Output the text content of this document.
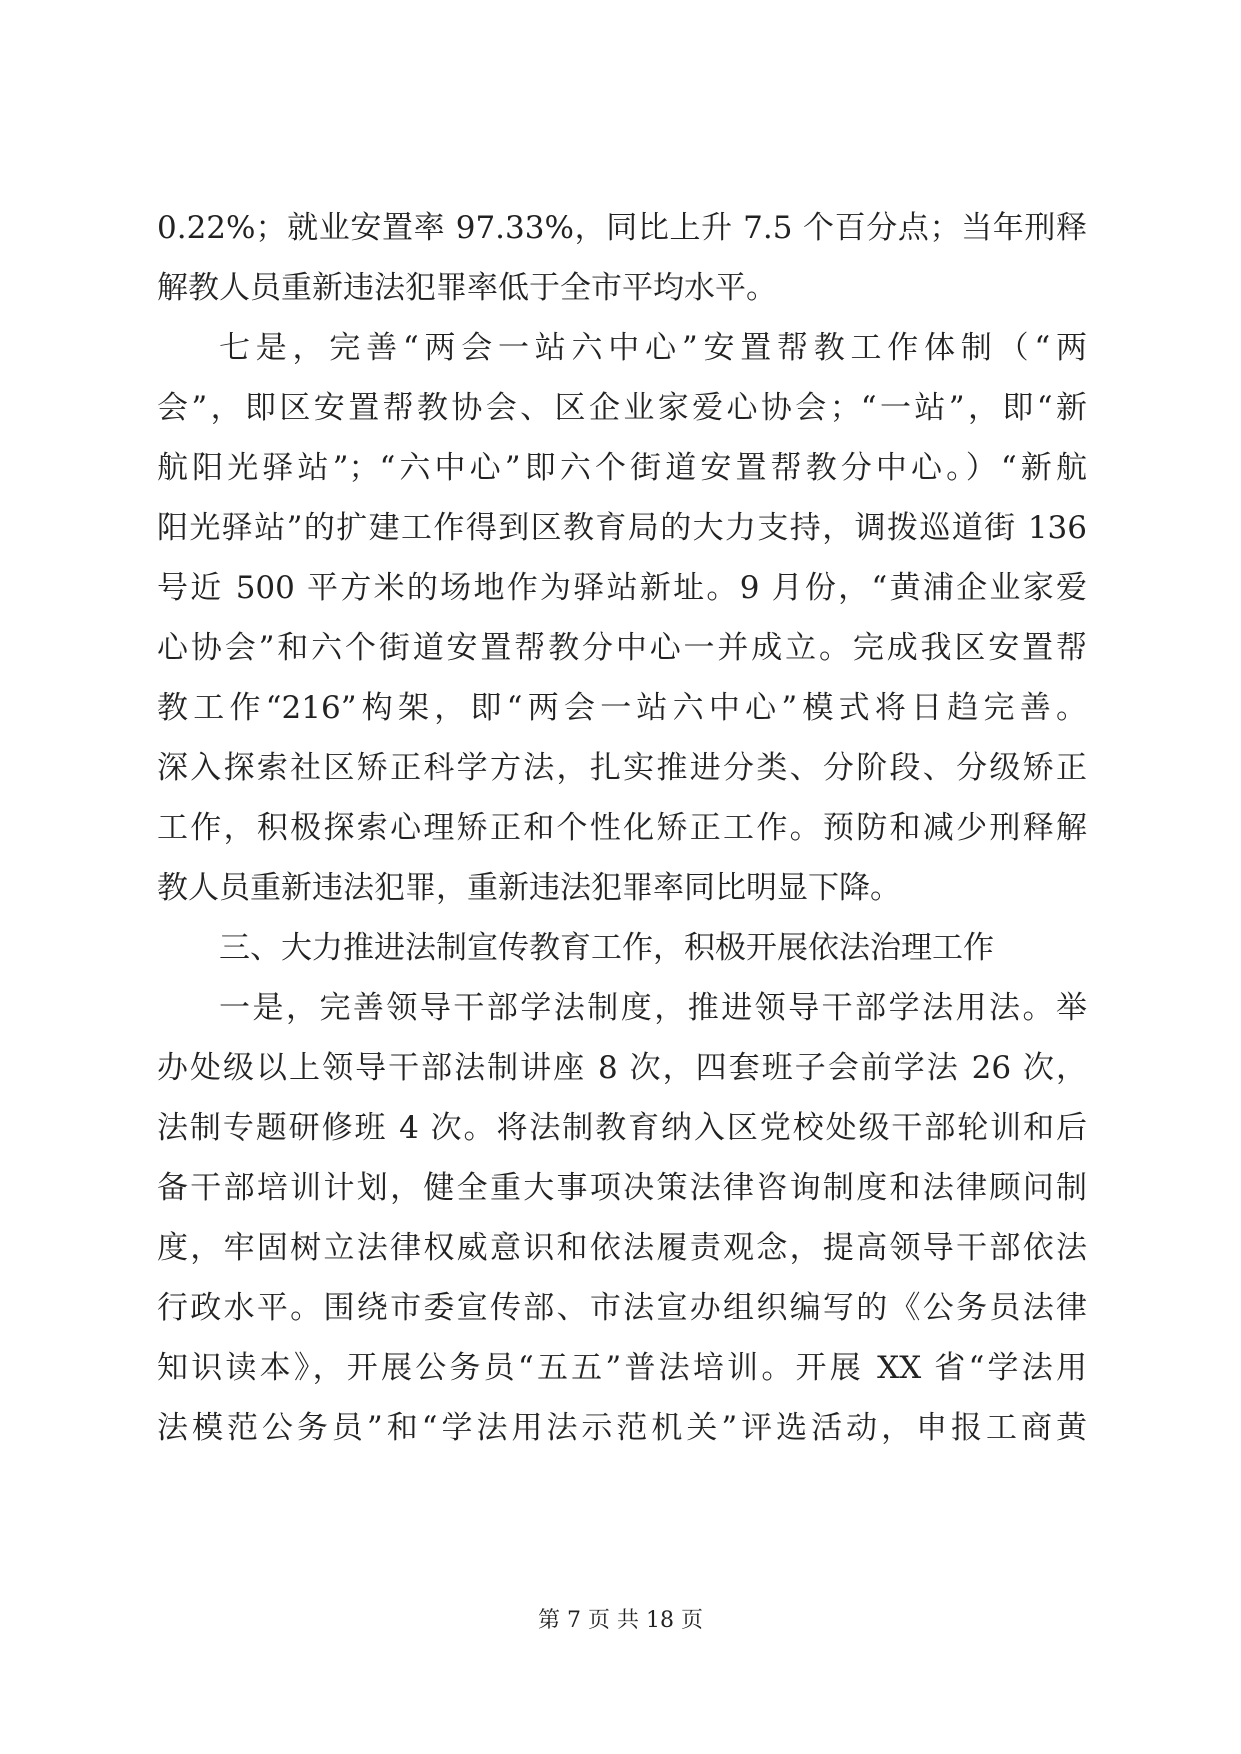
0.22%；就业安置率 97.33%，同比上升 7.5 个百分点；当年刑释
解教人员重新违法犯罪率低于全市平均水平。
七是，完善“两会一站六中心”安置帮教工作体制（“两
会”，即区安置帮教协会、区企业家爱心协会；“一站”，即“新
航阳光驿站”；“六中心”即六个街道安置帮教分中心。）“新航
阳光驿站”的扩建工作得到区教育局的大力支持，调拨巡道街 136
号近 500 平方米的场地作为驿站新址。9 月份，“黄浦企业家爱
心协会”和六个街道安置帮教分中心一并成立。完成我区安置帮
教工作“216”构架，即“两会一站六中心”模式将日趋完善。
深入探索社区矫正科学方法，扎实推进分类、分阶段、分级矫正
工作，积极探索心理矫正和个性化矫正工作。预防和减少刑释解
教人员重新违法犯罪，重新违法犯罪率同比明显下降。
三、大力推进法制宣传教育工作，积极开展依法治理工作
一是，完善领导干部学法制度，推进领导干部学法用法。举
办处级以上领导干部法制讲座 8 次，四套班子会前学法 26 次，
法制专题研修班 4 次。将法制教育纳入区党校处级干部轮训和后
备干部培训计划，健全重大事项决策法律咨询制度和法律顾问制
度，牢固树立法律权威意识和依法履责观念，提高领导干部依法
行政水平。围绕市委宣传部、市法宣办组织编写的《公务员法律
知识读本》，开展公务员“五五”普法培训。开展 XX 省“学法用
法模范公务员”和“学法用法示范机关”评选活动，申报工商黄
第 7 页 共 18 页
